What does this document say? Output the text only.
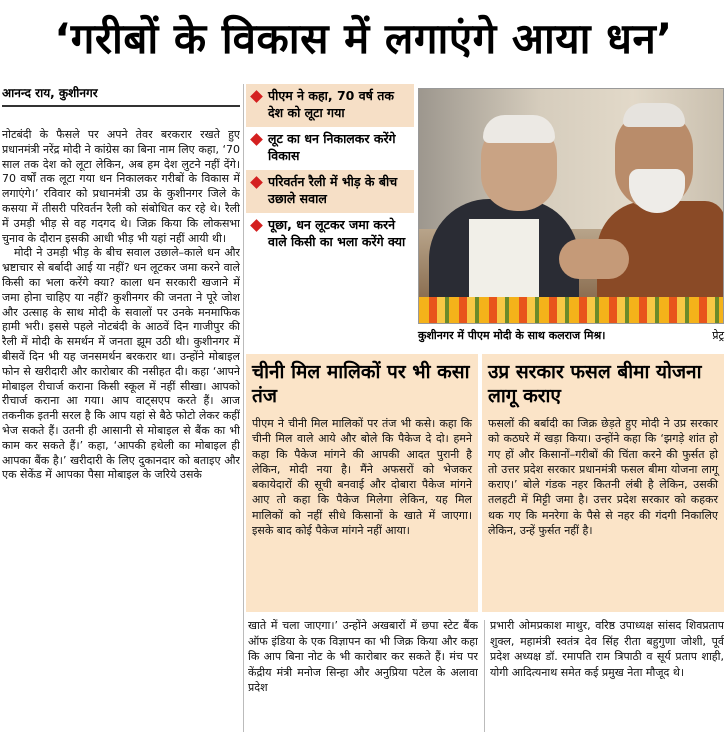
‘गरीबों के विकास में लगाएंगे आया धन’
आनन्द राय, कुशीनगर

नोटबंदी के फैसले पर अपने तेवर बरकरार रखते हुए प्रधानमंत्री नरेंद्र मोदी ने कांग्रेस का बिना नाम लिए कहा, ‘70 साल तक देश को लूटा लेकिन, अब हम देश लुटने नहीं देंगे। 70 वर्षों तक लूटा गया धन निकालकर गरीबों के विकास में लगाएंगे।’ रविवार को प्रधानमंत्री उप्र के कुशीनगर जिले के कसया में तीसरी परिवर्तन रैली को संबोधित कर रहे थे। रैली में उमड़ी भीड़ से वह गदगद थे। जिक्र किया कि लोकसभा चुनाव के दौरान इसकी आधी भीड़ भी यहां नहीं आयी थी।

मोदी ने उमड़ी भीड़ के बीच सवाल उछाले–काले धन और भ्रष्टाचार से बर्बादी आई या नहीं? धन लूटकर जमा करने वाले किसी का भला करेंगे क्या? काला धन सरकारी खजाने में जमा होना चाहिए या नहीं? कुशीनगर की जनता ने पूरे जोश और उत्साह के साथ मोदी के सवालों पर उनके मनमाफिक हामी भरी। इससे पहले नोटबंदी के आठवें दिन गाजीपुर की रैली में मोदी के समर्थन में जनता झूम उठी थी। कुशीनगर में बीसवें दिन भी यह जनसमर्थन बरकरार था। उन्होंने मोबाइल फोन से खरीदारी और कारोबार की नसीहत दी। कहा ‘आपने मोबाइल रीचार्ज कराना किसी स्कूल में नहीं सीखा। आपको रीचार्ज कराना आ गया। आप वाट्सएप करते हैं। आज तकनीक इतनी सरल है कि आप यहां से बैठे फोटो लेकर कहीं भेज सकते हैं। उतनी ही आसानी से मोबाइल से बैंक का भी काम कर सकते हैं।’ कहा, ‘आपकी हथेली का मोबाइल ही आपका बैंक है।’ खरीदारी के लिए दुकानदार को बताइए और एक सेकेंड में आपका पैसा मोबाइल के जरिये उसके

पीएम ने कहा, 70 वर्ष तक देश को लूटा गया
लूट का धन निकालकर करेंगे विकास
परिवर्तन रैली में भीड़ के बीच उछाले सवाल
पूछा, धन लूटकर जमा करने वाले किसी का भला करेंगे क्या
कुशीनगर में पीएम मोदी के साथ कलराज मिश्र।	प्रेट्र
चीनी मिल मालिकों पर भी कसा तंज
पीएम ने चीनी मिल मालिकों पर तंज भी कसे। कहा कि चीनी मिल वाले आये और बोले कि पैकेज दे दो। हमने कहा कि पैकेज मांगने की आपकी आदत पुरानी है लेकिन, मोदी नया है। मैंने अफसरों को भेजकर बकायेदारों की सूची बनवाई और दोबारा पैकेज मांगने आए तो कहा कि पैकेज मिलेगा लेकिन, यह मिल मालिकों को नहीं सीधे किसानों के खाते में जाएगा। इसके बाद कोई पैकेज मांगने नहीं आया।
उप्र सरकार फसल बीमा योजना लागू कराए
फसलों की बर्बादी का जिक्र छेड़ते हुए मोदी ने उप्र सरकार को कठघरे में खड़ा किया। उन्होंने कहा कि ‘झगड़े शांत हो गए हों और किसानों–गरीबों की चिंता करने की फुर्सत हो तो उत्तर प्रदेश सरकार प्रधानमंत्री फसल बीमा योजना लागू कराए।’ बोले गंडक नहर कितनी लंबी है लेकिन, उसकी तलहटी में मिट्टी जमा है। उत्तर प्रदेश सरकार को कहकर थक गए कि मनरेगा के पैसे से नहर की गंदगी निकालिए लेकिन, उन्हें फुर्सत नहीं है।
खाते में चला जाएगा।’ उन्होंने अखबारों में छपा स्टेट बैंक ऑफ इंडिया के एक विज्ञापन का भी जिक्र किया और कहा कि आप बिना नोट के भी कारोबार कर सकते हैं। मंच पर केंद्रीय मंत्री मनोज सिन्हा और अनुप्रिया पटेल के अलावा प्रदेश
प्रभारी ओमप्रकाश माथुर, वरिष्ठ उपाध्यक्ष सांसद शिवप्रताप शुक्ल, महामंत्री स्वतंत्र देव सिंह रीता बहुगुणा जोशी, पूर्व प्रदेश अध्यक्ष डॉ. रमापति राम त्रिपाठी व सूर्य प्रताप शाही, योगी आदित्यनाथ समेत कई प्रमुख नेता मौजूद थे।
